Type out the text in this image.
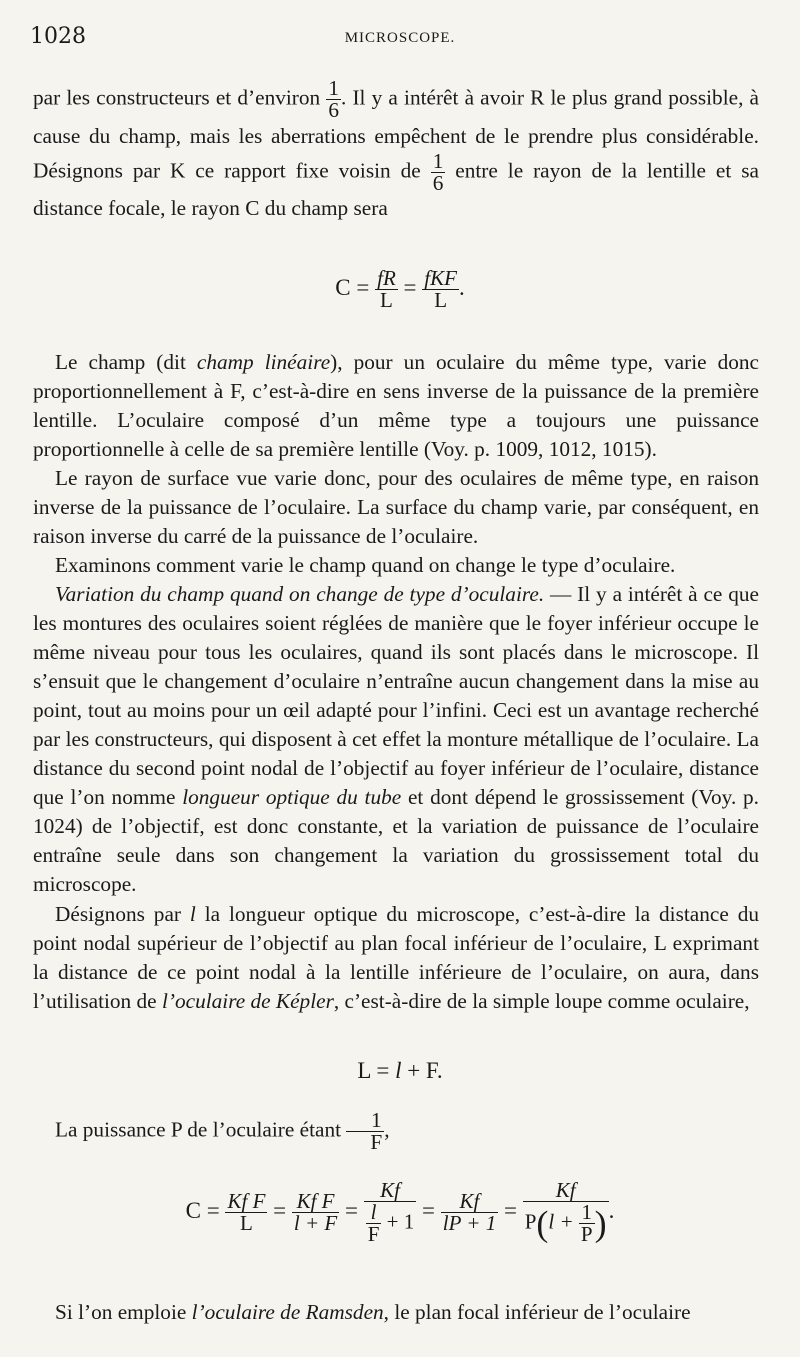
1028	MICROSCOPE.

par les constructeurs et d’environ $\frac{1}{6}$ . Il y a intérêt à avoir R le plus grand possible, à cause du champ, mais les aberrations empêchent de le prendre plus considérable. Désignons par K ce rapport fixe voisin de $\frac{1}{6}$ entre le rayon de la lentille et sa distance focale, le rayon C du champ sera

$C = \frac{fR}{L} = \frac{\text{fKF}}{L}$ .

Le champ (dit champ linéaire), pour un oculaire du même type, varie donc proportionnellement à F, c’est-à-dire en sens inverse de la puissance de la première lentille. L’oculaire composé d’un même type a toujours une puissance proportionnelle à celle de sa première lentille (Voy. p. 1009, 1012, 1015).

Le rayon de surface vue varie donc, pour des oculaires de même type, en raison inverse de la puissance de l’oculaire. La surface du champ varie, par conséquent, en raison inverse du carré de la puissance de l’oculaire.

Examinons comment varie le champ quand on change le type d’oculaire.

Variation du champ quand on change de type d’oculaire. — Il y a intérêt à ce que les montures des oculaires soient réglées de manière que le foyer inférieur occupe le même niveau pour tous les oculaires, quand ils sont placés dans le microscope. Il s’ensuit que le changement d’oculaire n’entraîne aucun changement dans la mise au point, tout au moins pour un œil adapté pour l’infini. Ceci est un avantage recherché par les constructeurs, qui disposent à cet effet la monture métallique de l’oculaire. La distance du second point nodal de l’objectif au foyer inférieur de l’oculaire, distance que l’on nomme longueur optique du tube et dont dépend le grossissement (Voy. p. 1024) de l’objectif, est donc constante, et la variation de puissance de l’oculaire entraîne seule dans son changement la variation du grossissement total du microscope.

Désignons par l la longueur optique du microscope, c’est-à-dire la distance du point nodal supérieur de l’objectif au plan focal inférieur de l’oculaire, L exprimant la distance de ce point nodal à la lentille inférieure de l’oculaire, on aura, dans l’utilisation de l’oculaire de Képler, c’est-à-dire de la simple loupe comme oculaire,

L = l + F.

La puissance P de l’oculaire étant $\frac{1}{F}$ ,

$C = \frac{\text{Kf F}}{L} = \frac{\text{Kf F}}{l + F} = \frac{Kf}{\frac{l}{F} + 1} = \frac{Kf}{lP + 1} = \frac{Kf}{P(l + \frac{1}{P} )}$ .

Si l’on emploie l’oculaire de Ramsden, le plan focal inférieur de l’oculaire
